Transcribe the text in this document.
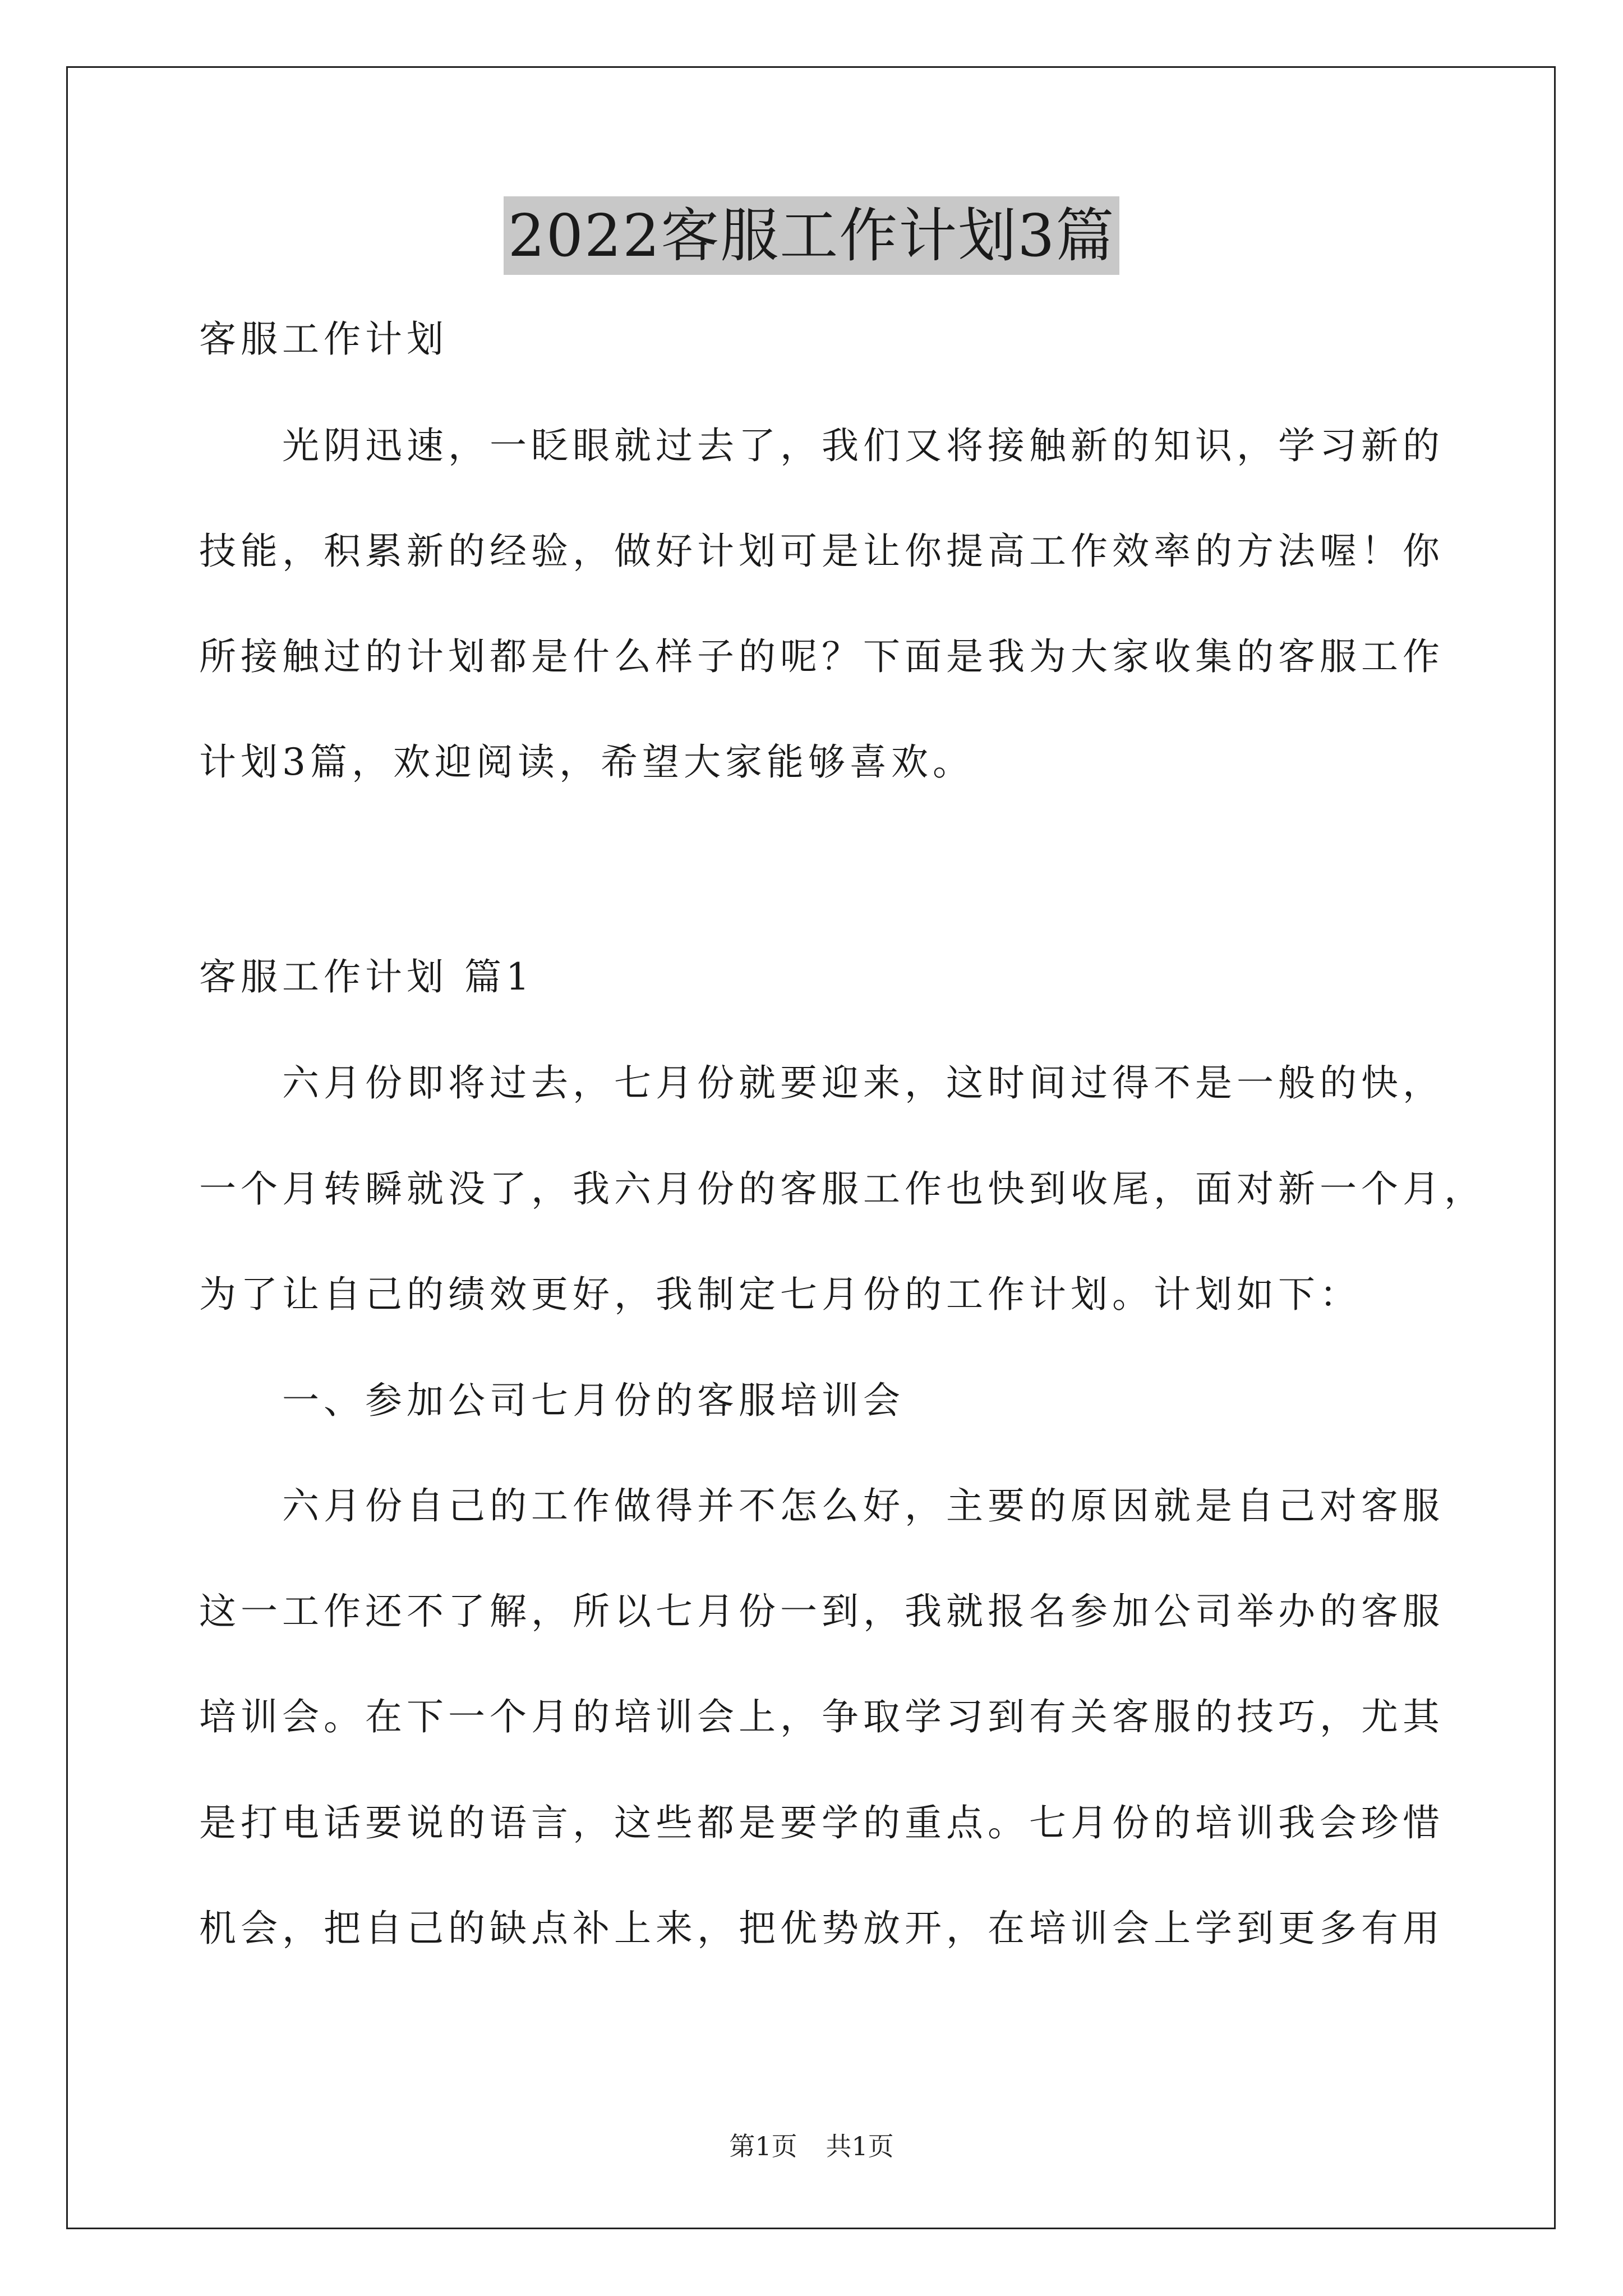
2022客服工作计划3篇
客服工作计划
光阴迅速，一眨眼就过去了，我们又将接触新的知识，学习新的
技能，积累新的经验，做好计划可是让你提高工作效率的方法喔！你
所接触过的计划都是什么样子的呢？下面是我为大家收集的客服工作
计划3篇，欢迎阅读，希望大家能够喜欢。
客服工作计划 篇1
六月份即将过去，七月份就要迎来，这时间过得不是一般的快，
一个月转瞬就没了，我六月份的客服工作也快到收尾，面对新一个月，
为了让自己的绩效更好，我制定七月份的工作计划。计划如下：
一、参加公司七月份的客服培训会
六月份自己的工作做得并不怎么好，主要的原因就是自己对客服
这一工作还不了解，所以七月份一到，我就报名参加公司举办的客服
培训会。在下一个月的培训会上，争取学习到有关客服的技巧，尤其
是打电话要说的语言，这些都是要学的重点。七月份的培训我会珍惜
机会，把自己的缺点补上来，把优势放开，在培训会上学到更多有用
第1页 共1页
